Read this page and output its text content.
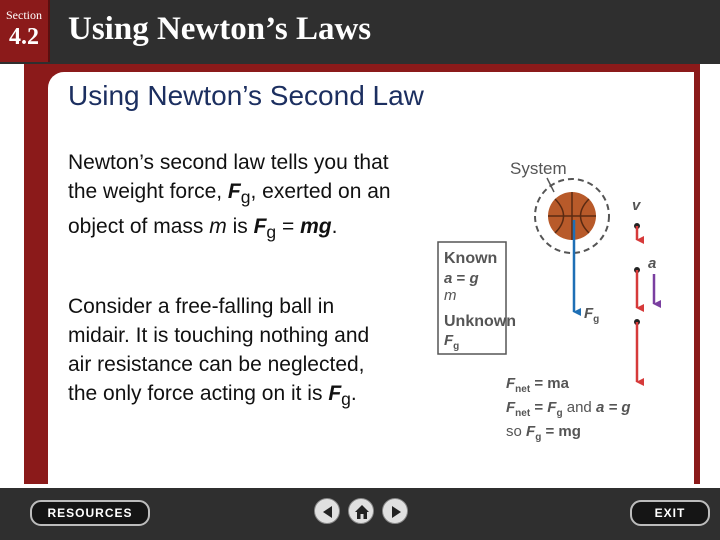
Section
4.2 Using Newton’s Laws
Using Newton’s Second Law
Newton’s second law tells you that the weight force, $F_g$, exerted on an object of mass m is $F_g$ = mg.
Consider a free-falling ball in midair. It is touching nothing and air resistance can be neglected, the only force acting on it is $F_g$.
System
$F_g$
Known
a = g
m
Unknown
$F_g$
v
a
$F_{net}$ = ma
$F_{net} = F_g$ and a = g
so $F_g$ = mg
RESOURCES	EXIT
